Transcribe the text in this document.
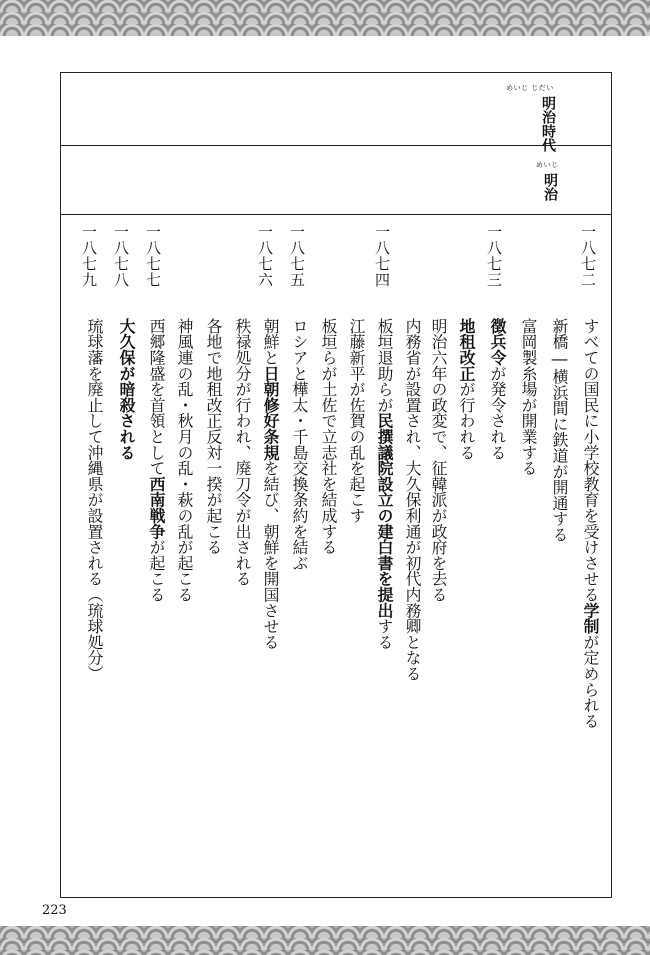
明治時代
めいじ じだい
明治
めいじ
一八七二
一八七三
一八七四
一八七五
一八七六
一八七七
一八七八
一八七九
すべての国民に小学校教育を受けさせる学制が定められる
新橋―横浜間に鉄道が開通する
富岡製糸場が開業する
徴兵令が発令される
地租改正が行われる
明治六年の政変で、征韓派が政府を去る
内務省が設置され、大久保利通が初代内務卿となる
板垣退助らが民撰議院設立の建白書を提出する
江藤新平が佐賀の乱を起こす
板垣らが土佐で立志社を結成する
ロシアと樺太・千島交換条約を結ぶ
朝鮮と日朝修好条規を結び、朝鮮を開国させる
秩禄処分が行われ、廃刀令が出される
各地で地租改正反対一揆が起こる
神風連の乱・秋月の乱・萩の乱が起こる
西郷隆盛を首領として西南戦争が起こる
大久保が暗殺される
琉球藩を廃止して沖縄県が設置される（琉球処分）
223
